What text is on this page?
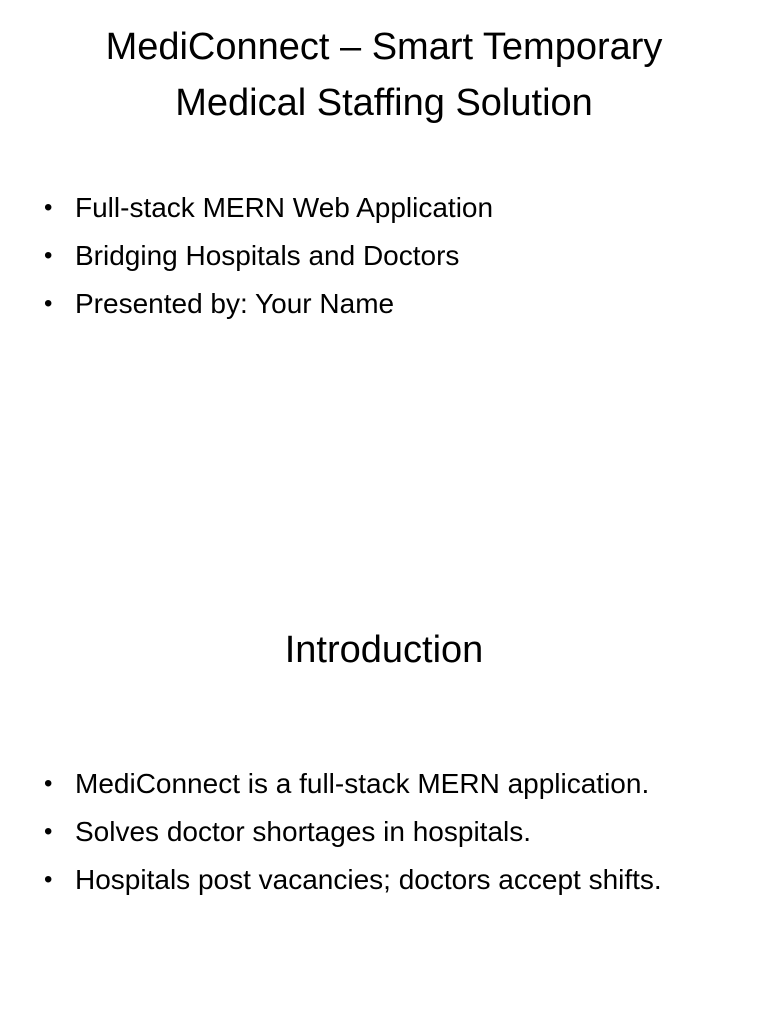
MediConnect – Smart Temporary
Medical Staffing Solution
• Full-stack MERN Web Application
• Bridging Hospitals and Doctors
• Presented by: Your Name
Introduction
• MediConnect is a full-stack MERN application.
• Solves doctor shortages in hospitals.
• Hospitals post vacancies; doctors accept shifts.
